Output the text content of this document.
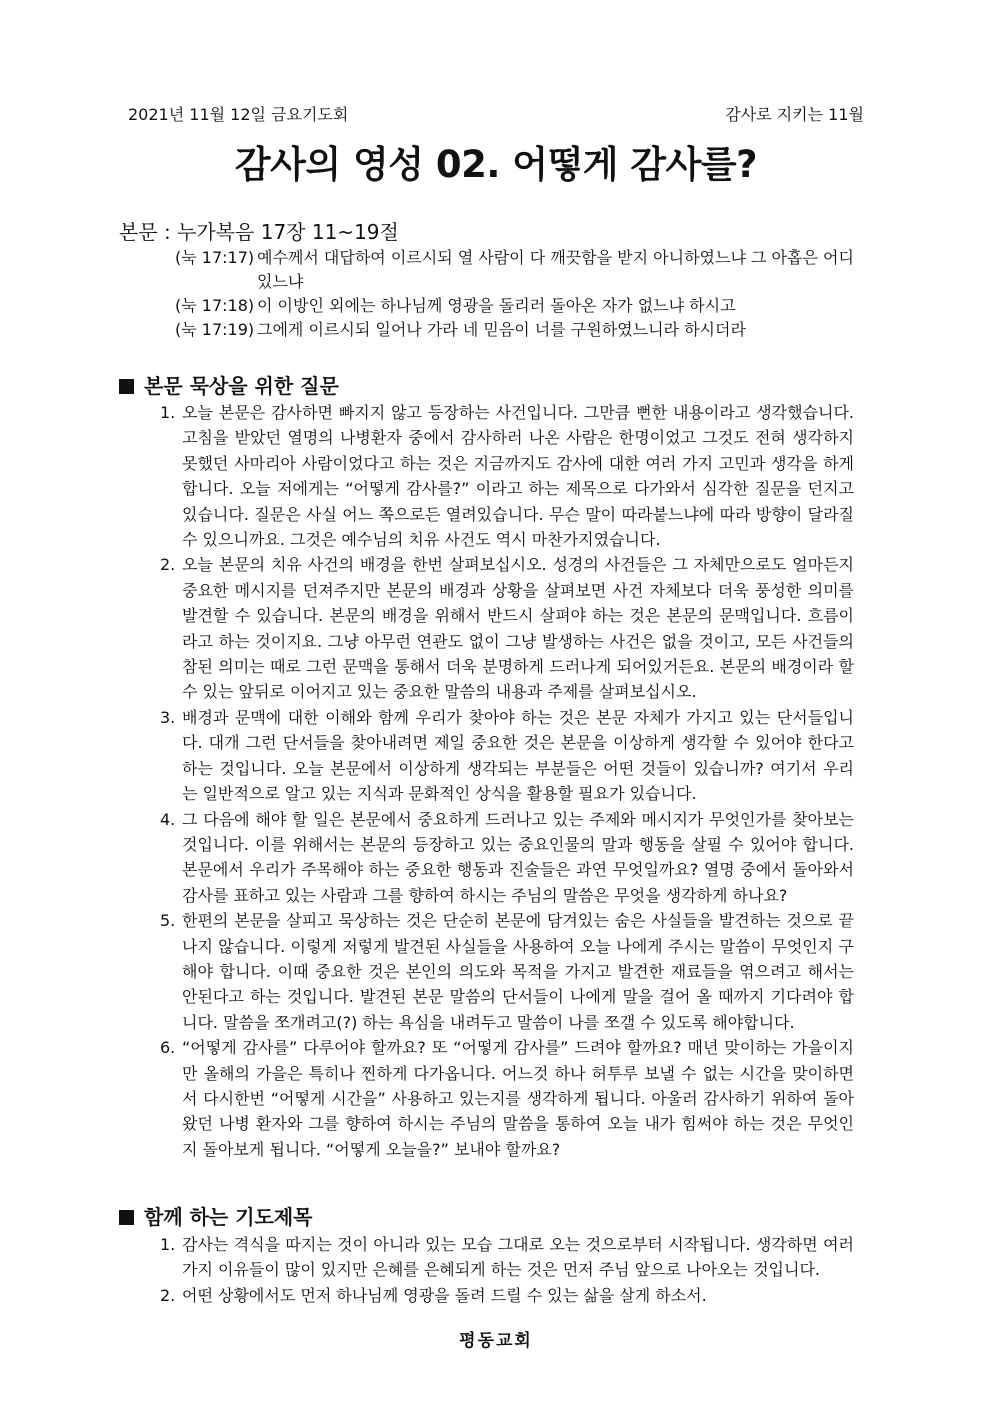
2021년 11월 12일 금요기도회	감사로 지키는 11월
감사의 영성 02. 어떻게 감사를?
본문 : 누가복음 17장 11~19절
(눅 17:17) 예수께서 대답하여 이르시되 열 사람이 다 깨끗함을 받지 아니하였느냐 그 아홉은 어디 있느냐
(눅 17:18) 이 이방인 외에는 하나님께 영광을 돌리러 돌아온 자가 없느냐 하시고
(눅 17:19) 그에게 이르시되 일어나 가라 네 믿음이 너를 구원하였느니라 하시더라
본문 묵상을 위한 질문
1. 오늘 본문은 감사하면 빠지지 않고 등장하는 사건입니다. 그만큼 뻔한 내용이라고 생각했습니다. 고침을 받았던 열명의 나병환자 중에서 감사하러 나온 사람은 한명이었고 그것도 전혀 생각하지 못했던 사마리아 사람이었다고 하는 것은 지금까지도 감사에 대한 여러 가지 고민과 생각을 하게 합니다. 오늘 저에게는 “어떻게 감사를?” 이라고 하는 제목으로 다가와서 심각한 질문을 던지고 있습니다. 질문은 사실 어느 쪽으로든 열려있습니다. 무슨 말이 따라붙느냐에 따라 방향이 달라질 수 있으니까요. 그것은 예수님의 치유 사건도 역시 마찬가지였습니다.
2. 오늘 본문의 치유 사건의 배경을 한번 살펴보십시오. 성경의 사건들은 그 자체만으로도 얼마든지 중요한 메시지를 던져주지만 본문의 배경과 상황을 살펴보면 사건 자체보다 더욱 풍성한 의미를 발견할 수 있습니다. 본문의 배경을 위해서 반드시 살펴야 하는 것은 본문의 문맥입니다. 흐름이라고 하는 것이지요. 그냥 아무런 연관도 없이 그냥 발생하는 사건은 없을 것이고, 모든 사건들의 참된 의미는 때로 그런 문맥을 통해서 더욱 분명하게 드러나게 되어있거든요. 본문의 배경이라 할수 있는 앞뒤로 이어지고 있는 중요한 말씀의 내용과 주제를 살펴보십시오.
3. 배경과 문맥에 대한 이해와 함께 우리가 찾아야 하는 것은 본문 자체가 가지고 있는 단서들입니다. 대개 그런 단서들을 찾아내려면 제일 중요한 것은 본문을 이상하게 생각할 수 있어야 한다고 하는 것입니다. 오늘 본문에서 이상하게 생각되는 부분들은 어떤 것들이 있습니까? 여기서 우리는 일반적으로 알고 있는 지식과 문화적인 상식을 활용할 필요가 있습니다.
4. 그 다음에 해야 할 일은 본문에서 중요하게 드러나고 있는 주제와 메시지가 무엇인가를 찾아보는 것입니다. 이를 위해서는 본문의 등장하고 있는 중요인물의 말과 행동을 살필 수 있어야 합니다. 본문에서 우리가 주목해야 하는 중요한 행동과 진술들은 과연 무엇일까요? 열명 중에서 돌아와서 감사를 표하고 있는 사람과 그를 향하여 하시는 주님의 말씀은 무엇을 생각하게 하나요?
5. 한편의 본문을 살피고 묵상하는 것은 단순히 본문에 담겨있는 숨은 사실들을 발견하는 것으로 끝나지 않습니다. 이렇게 저렇게 발견된 사실들을 사용하여 오늘 나에게 주시는 말씀이 무엇인지 구해야 합니다. 이때 중요한 것은 본인의 의도와 목적을 가지고 발견한 재료들을 엮으려고 해서는 안된다고 하는 것입니다. 발견된 본문 말씀의 단서들이 나에게 말을 걸어 올 때까지 기다려야 합니다. 말씀을 쪼개려고(?) 하는 욕심을 내려두고 말씀이 나를 쪼갤 수 있도록 해야합니다.
6. “어떻게 감사를” 다루어야 할까요? 또 “어떻게 감사를” 드려야 할까요? 매년 맞이하는 가을이지만 올해의 가을은 특히나 찐하게 다가옵니다. 어느것 하나 허투루 보낼 수 없는 시간을 맞이하면서 다시한번 “어떻게 시간을” 사용하고 있는지를 생각하게 됩니다. 아울러 감사하기 위하여 돌아왔던 나병 환자와 그를 향하여 하시는 주님의 말씀을 통하여 오늘 내가 힘써야 하는 것은 무엇인지 돌아보게 됩니다. “어떻게 오늘을?” 보내야 할까요?
함께 하는 기도제목
1. 감사는 격식을 따지는 것이 아니라 있는 모습 그대로 오는 것으로부터 시작됩니다. 생각하면 여러 가지 이유들이 많이 있지만 은혜를 은혜되게 하는 것은 먼저 주님 앞으로 나아오는 것입니다.
2. 어떤 상황에서도 먼저 하나님께 영광을 돌려 드릴 수 있는 삶을 살게 하소서.
평동교회
